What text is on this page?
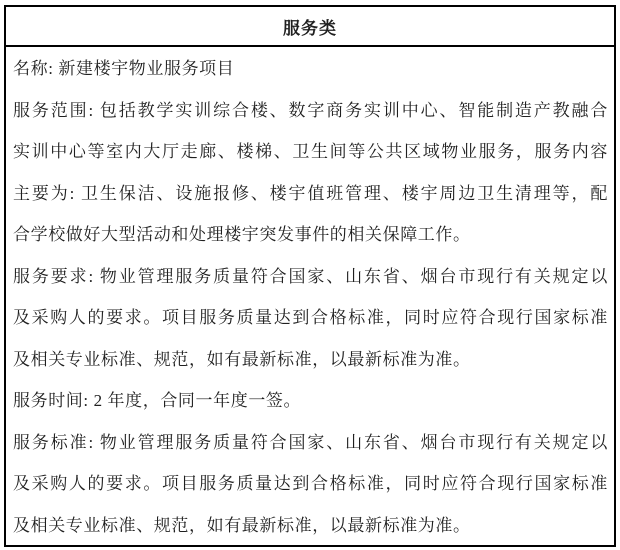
服务类
名称: 新建楼宇物业服务项目
服务范围: 包括教学实训综合楼、数字商务实训中心、智能制造产教融合
实训中心等室内大厅走廊、楼梯、卫生间等公共区域物业服务，服务内容
主要为: 卫生保洁、设施报修、楼宇值班管理、楼宇周边卫生清理等，配
合学校做好大型活动和处理楼宇突发事件的相关保障工作。
服务要求: 物业管理服务质量符合国家、山东省、烟台市现行有关规定以
及采购人的要求。项目服务质量达到合格标准，同时应符合现行国家标准
及相关专业标准、规范，如有最新标准，以最新标准为准。
服务时间: 2 年度，合同一年度一签。
服务标准: 物业管理服务质量符合国家、山东省、烟台市现行有关规定以
及采购人的要求。项目服务质量达到合格标准，同时应符合现行国家标准
及相关专业标准、规范，如有最新标准，以最新标准为准。
